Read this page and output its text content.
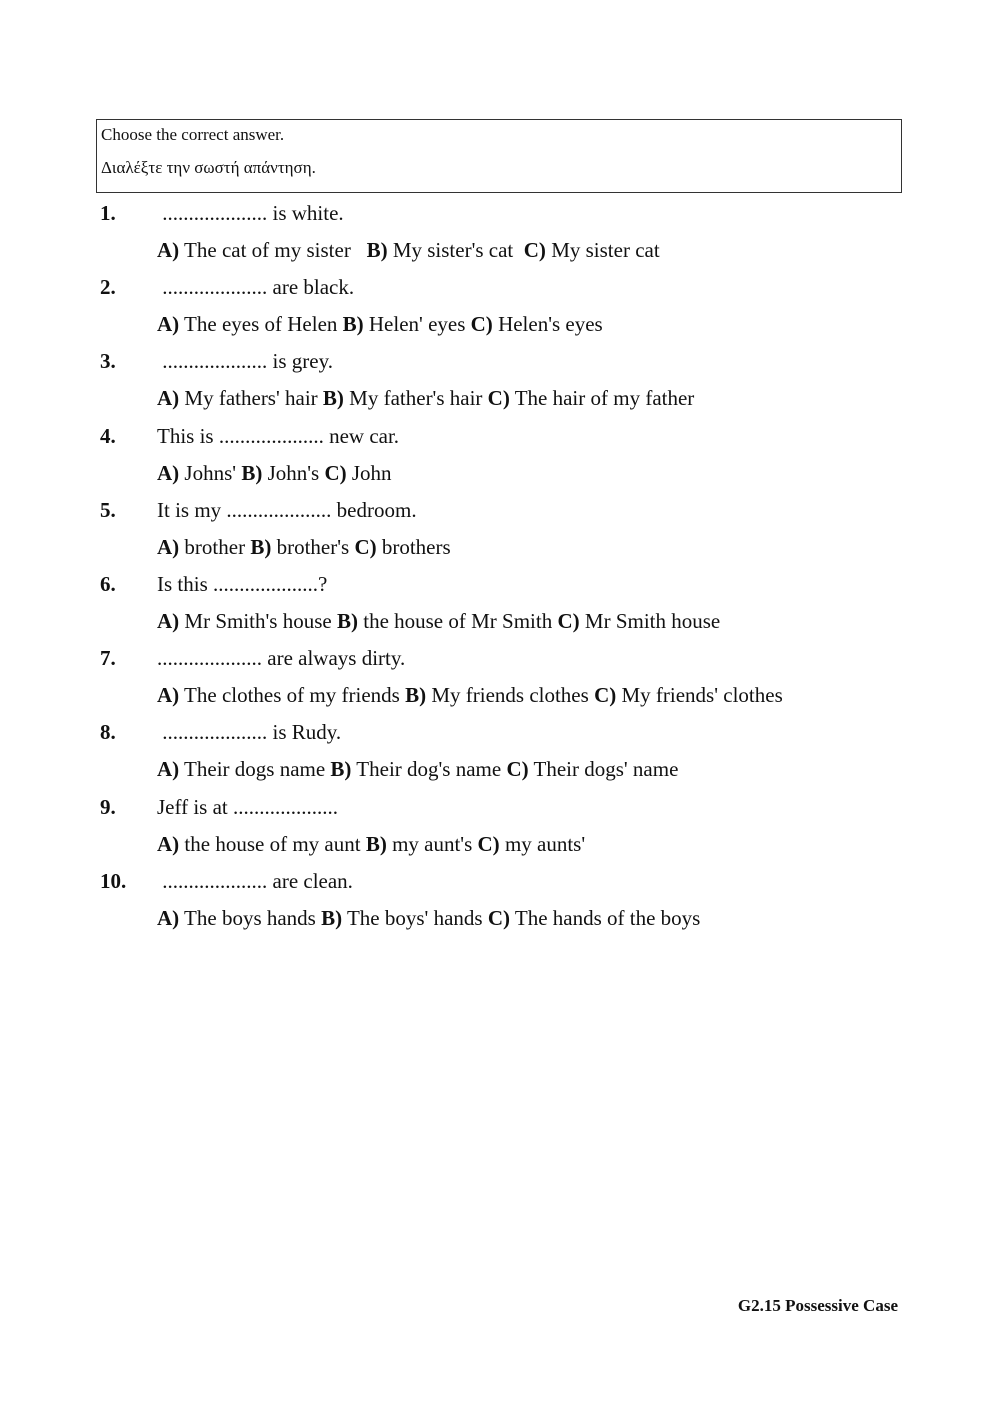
Choose the correct answer.
Διαλέξτε την σωστή απάντηση.
1. .................... is white.
A) The cat of my sister   B) My sister's cat  C) My sister cat
2. .................... are black.
A) The eyes of Helen B) Helen' eyes C) Helen's eyes
3. .................... is grey.
A) My fathers' hair B) My father's hair C) The hair of my father
4. This is .................... new car.
A) Johns' B) John's C) John
5. It is my .................... bedroom.
A) brother B) brother's C) brothers
6. Is this ....................?
A) Mr Smith's house B) the house of Mr Smith C) Mr Smith house
7. .................... are always dirty.
A) The clothes of my friends B) My friends clothes C) My friends' clothes
8. .................... is Rudy.
A) Their dogs name B) Their dog's name C) Their dogs' name
9. Jeff is at ....................
A) the house of my aunt B) my aunt's C) my aunts'
10. .................... are clean.
A) The boys hands B) The boys' hands C) The hands of the boys
G2.15 Possessive Case
